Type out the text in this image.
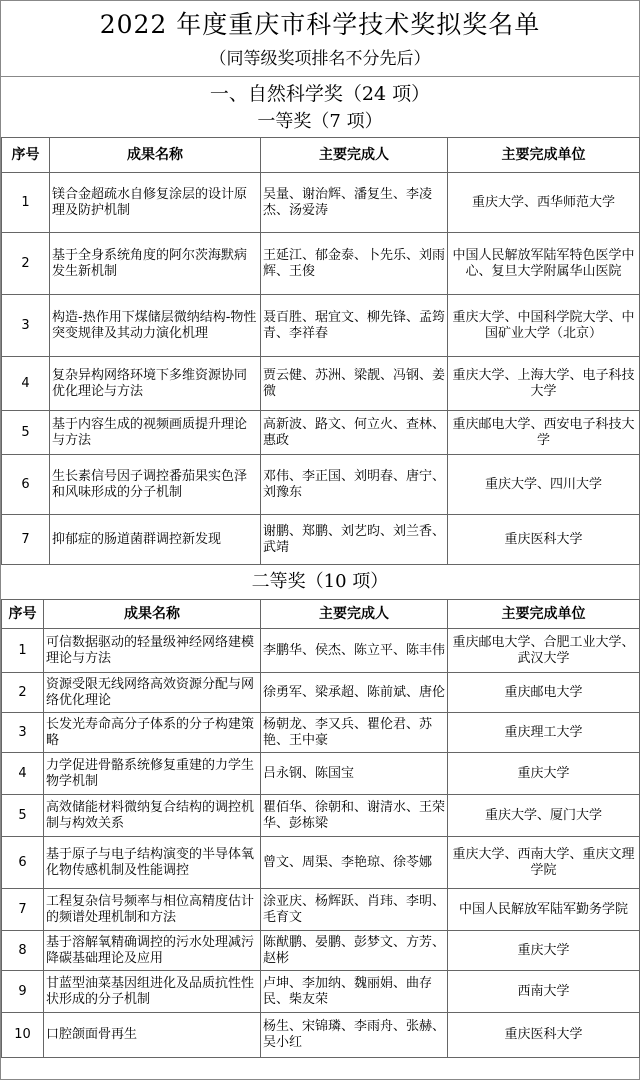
2022 年度重庆市科学技术奖拟奖名单
（同等级奖项排名不分先后）
一、自然科学奖（24 项）
一等奖（7 项）
序号	成果名称	主要完成人	主要完成单位
1	镁合金超疏水自修复涂层的设计原理及防护机制	吴量、谢治辉、潘复生、李凌杰、汤爱涛	重庆大学、西华师范大学
2	基于全身系统角度的阿尔茨海默病发生新机制	王延江、郁金泰、卜先乐、刘雨辉、王俊	中国人民解放军陆军特色医学中心、复旦大学附属华山医院
3	构造-热作用下煤储层微纳结构-物性突变规律及其动力演化机理	聂百胜、琚宜文、柳先锋、孟筠青、李祥春	重庆大学、中国科学院大学、中国矿业大学（北京）
4	复杂异构网络环境下多维资源协同优化理论与方法	贾云健、苏洲、梁靓、冯钢、姜微	重庆大学、上海大学、电子科技大学
5	基于内容生成的视频画质提升理论与方法	高新波、路文、何立火、查林、惠政	重庆邮电大学、西安电子科技大学
6	生长素信号因子调控番茄果实色泽和风味形成的分子机制	邓伟、李正国、刘明春、唐宁、刘豫东	重庆大学、四川大学
7	抑郁症的肠道菌群调控新发现	谢鹏、郑鹏、刘艺昀、刘兰香、武靖	重庆医科大学
二等奖（10 项）
序号	成果名称	主要完成人	主要完成单位
1	可信数据驱动的轻量级神经网络建模理论与方法	李鹏华、侯杰、陈立平、陈丰伟	重庆邮电大学、合肥工业大学、武汉大学
2	资源受限无线网络高效资源分配与网络优化理论	徐勇军、梁承超、陈前斌、唐伦	重庆邮电大学
3	长发光寿命高分子体系的分子构建策略	杨朝龙、李又兵、瞿伦君、苏艳、王中豪	重庆理工大学
4	力学促进骨骼系统修复重建的力学生物学机制	吕永钢、陈国宝	重庆大学
5	高效储能材料微纳复合结构的调控机制与构效关系	瞿佰华、徐朝和、谢清水、王荣华、彭栋梁	重庆大学、厦门大学
6	基于原子与电子结构演变的半导体氧化物传感机制及性能调控	曾文、周渠、李艳琼、徐苓娜	重庆大学、西南大学、重庆文理学院
7	工程复杂信号频率与相位高精度估计的频谱处理机制和方法	涂亚庆、杨辉跃、肖玮、李明、毛育文	中国人民解放军陆军勤务学院
8	基于溶解氧精确调控的污水处理减污降碳基础理论及应用	陈猷鹏、晏鹏、彭梦文、方芳、赵彬	重庆大学
9	甘蓝型油菜基因组进化及品质抗性性状形成的分子机制	卢坤、李加纳、魏丽娟、曲存民、柴友荣	西南大学
10	口腔颌面骨再生	杨生、宋锦璘、李雨舟、张赫、吴小红	重庆医科大学
